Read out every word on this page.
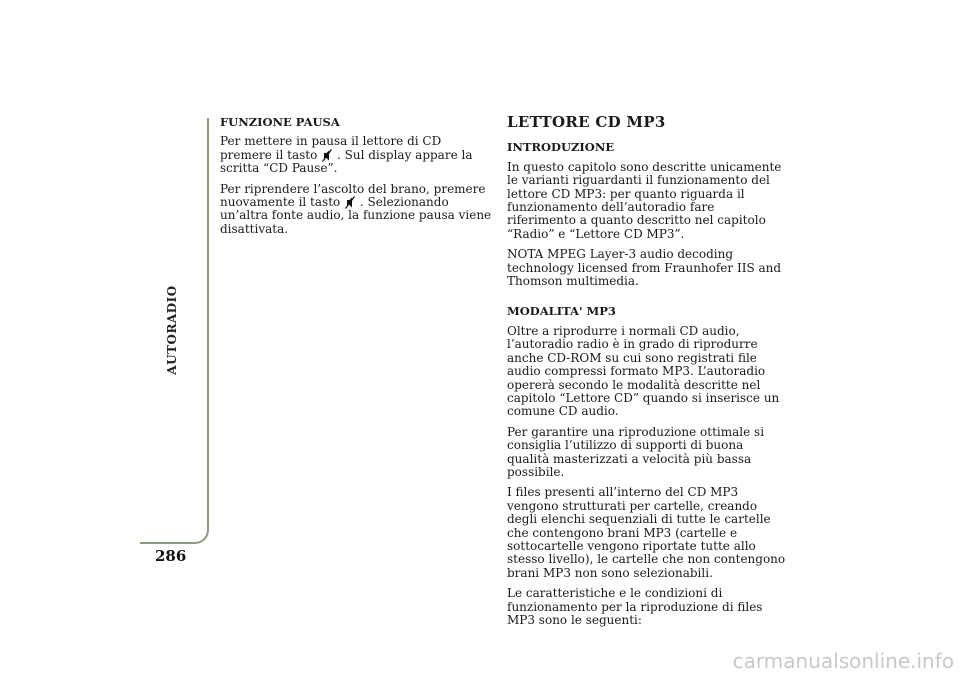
AUTORADIO
286
FUNZIONE PAUSA

Per mettere in pausa il lettore di CD premere il tasto . Sul display appare la scritta “CD Pause”.

Per riprendere l’ascolto del brano, premere nuovamente il tasto . Selezionando un’altra fonte audio, la funzione pausa viene disattivata.

LETTORE CD MP3
INTRODUZIONE

In questo capitolo sono descritte unicamente le varianti riguardanti il funzionamento del lettore CD MP3: per quanto riguarda il funzionamento dell’autoradio fare riferimento a quanto descritto nel capitolo “Radio” e “Lettore CD MP3”.

NOTA MPEG Layer-3 audio decoding technology licensed from Fraunhofer IIS and Thomson multimedia.

MODALITA' MP3

Oltre a riprodurre i normali CD audio, l’autoradio radio è in grado di riprodurre anche CD-ROM su cui sono registrati file audio compressi formato MP3. L’autoradio opererà secondo le modalità descritte nel capitolo “Lettore CD” quando si inserisce un comune CD audio.

Per garantire una riproduzione ottimale si consiglia l’utilizzo di supporti di buona qualità masterizzati a velocità più bassa possibile.

I files presenti all’interno del CD MP3 vengono strutturati per cartelle, creando degli elenchi sequenziali di tutte le cartelle che contengono brani MP3 (cartelle e sottocartelle vengono riportate tutte allo stesso livello), le cartelle che non contengono brani MP3 non sono selezionabili.

Le caratteristiche e le condizioni di funzionamento per la riproduzione di files MP3 sono le seguenti:

carmanualsonline.info
